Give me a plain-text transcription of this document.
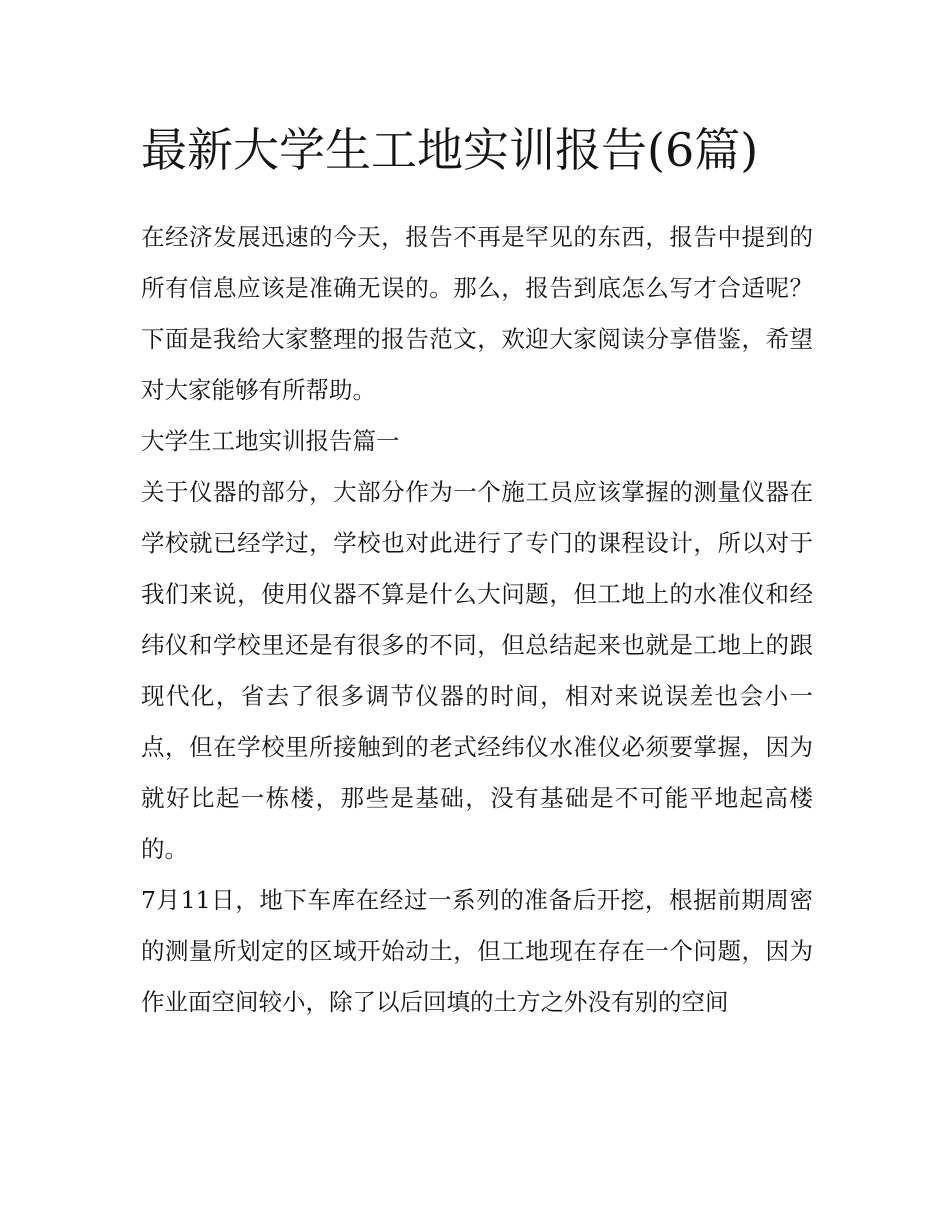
最新大学生工地实训报告(6篇)

在经济发展迅速的今天，报告不再是罕见的东西，报告中提到的所有信息应该是准确无误的。那么，报告到底怎么写才合适呢？下面是我给大家整理的报告范文，欢迎大家阅读分享借鉴，希望对大家能够有所帮助。

大学生工地实训报告篇一

关于仪器的部分，大部分作为一个施工员应该掌握的测量仪器在学校就已经学过，学校也对此进行了专门的课程设计，所以对于我们来说，使用仪器不算是什么大问题，但工地上的水准仪和经纬仪和学校里还是有很多的不同，但总结起来也就是工地上的跟现代化，省去了很多调节仪器的时间，相对来说误差也会小一点，但在学校里所接触到的老式经纬仪水准仪必须要掌握，因为就好比起一栋楼，那些是基础，没有基础是不可能平地起高楼的。

7月11日，地下车库在经过一系列的准备后开挖，根据前期周密的测量所划定的区域开始动土，但工地现在存在一个问题，因为作业面空间较小，除了以后回填的土方之外没有别的空间
